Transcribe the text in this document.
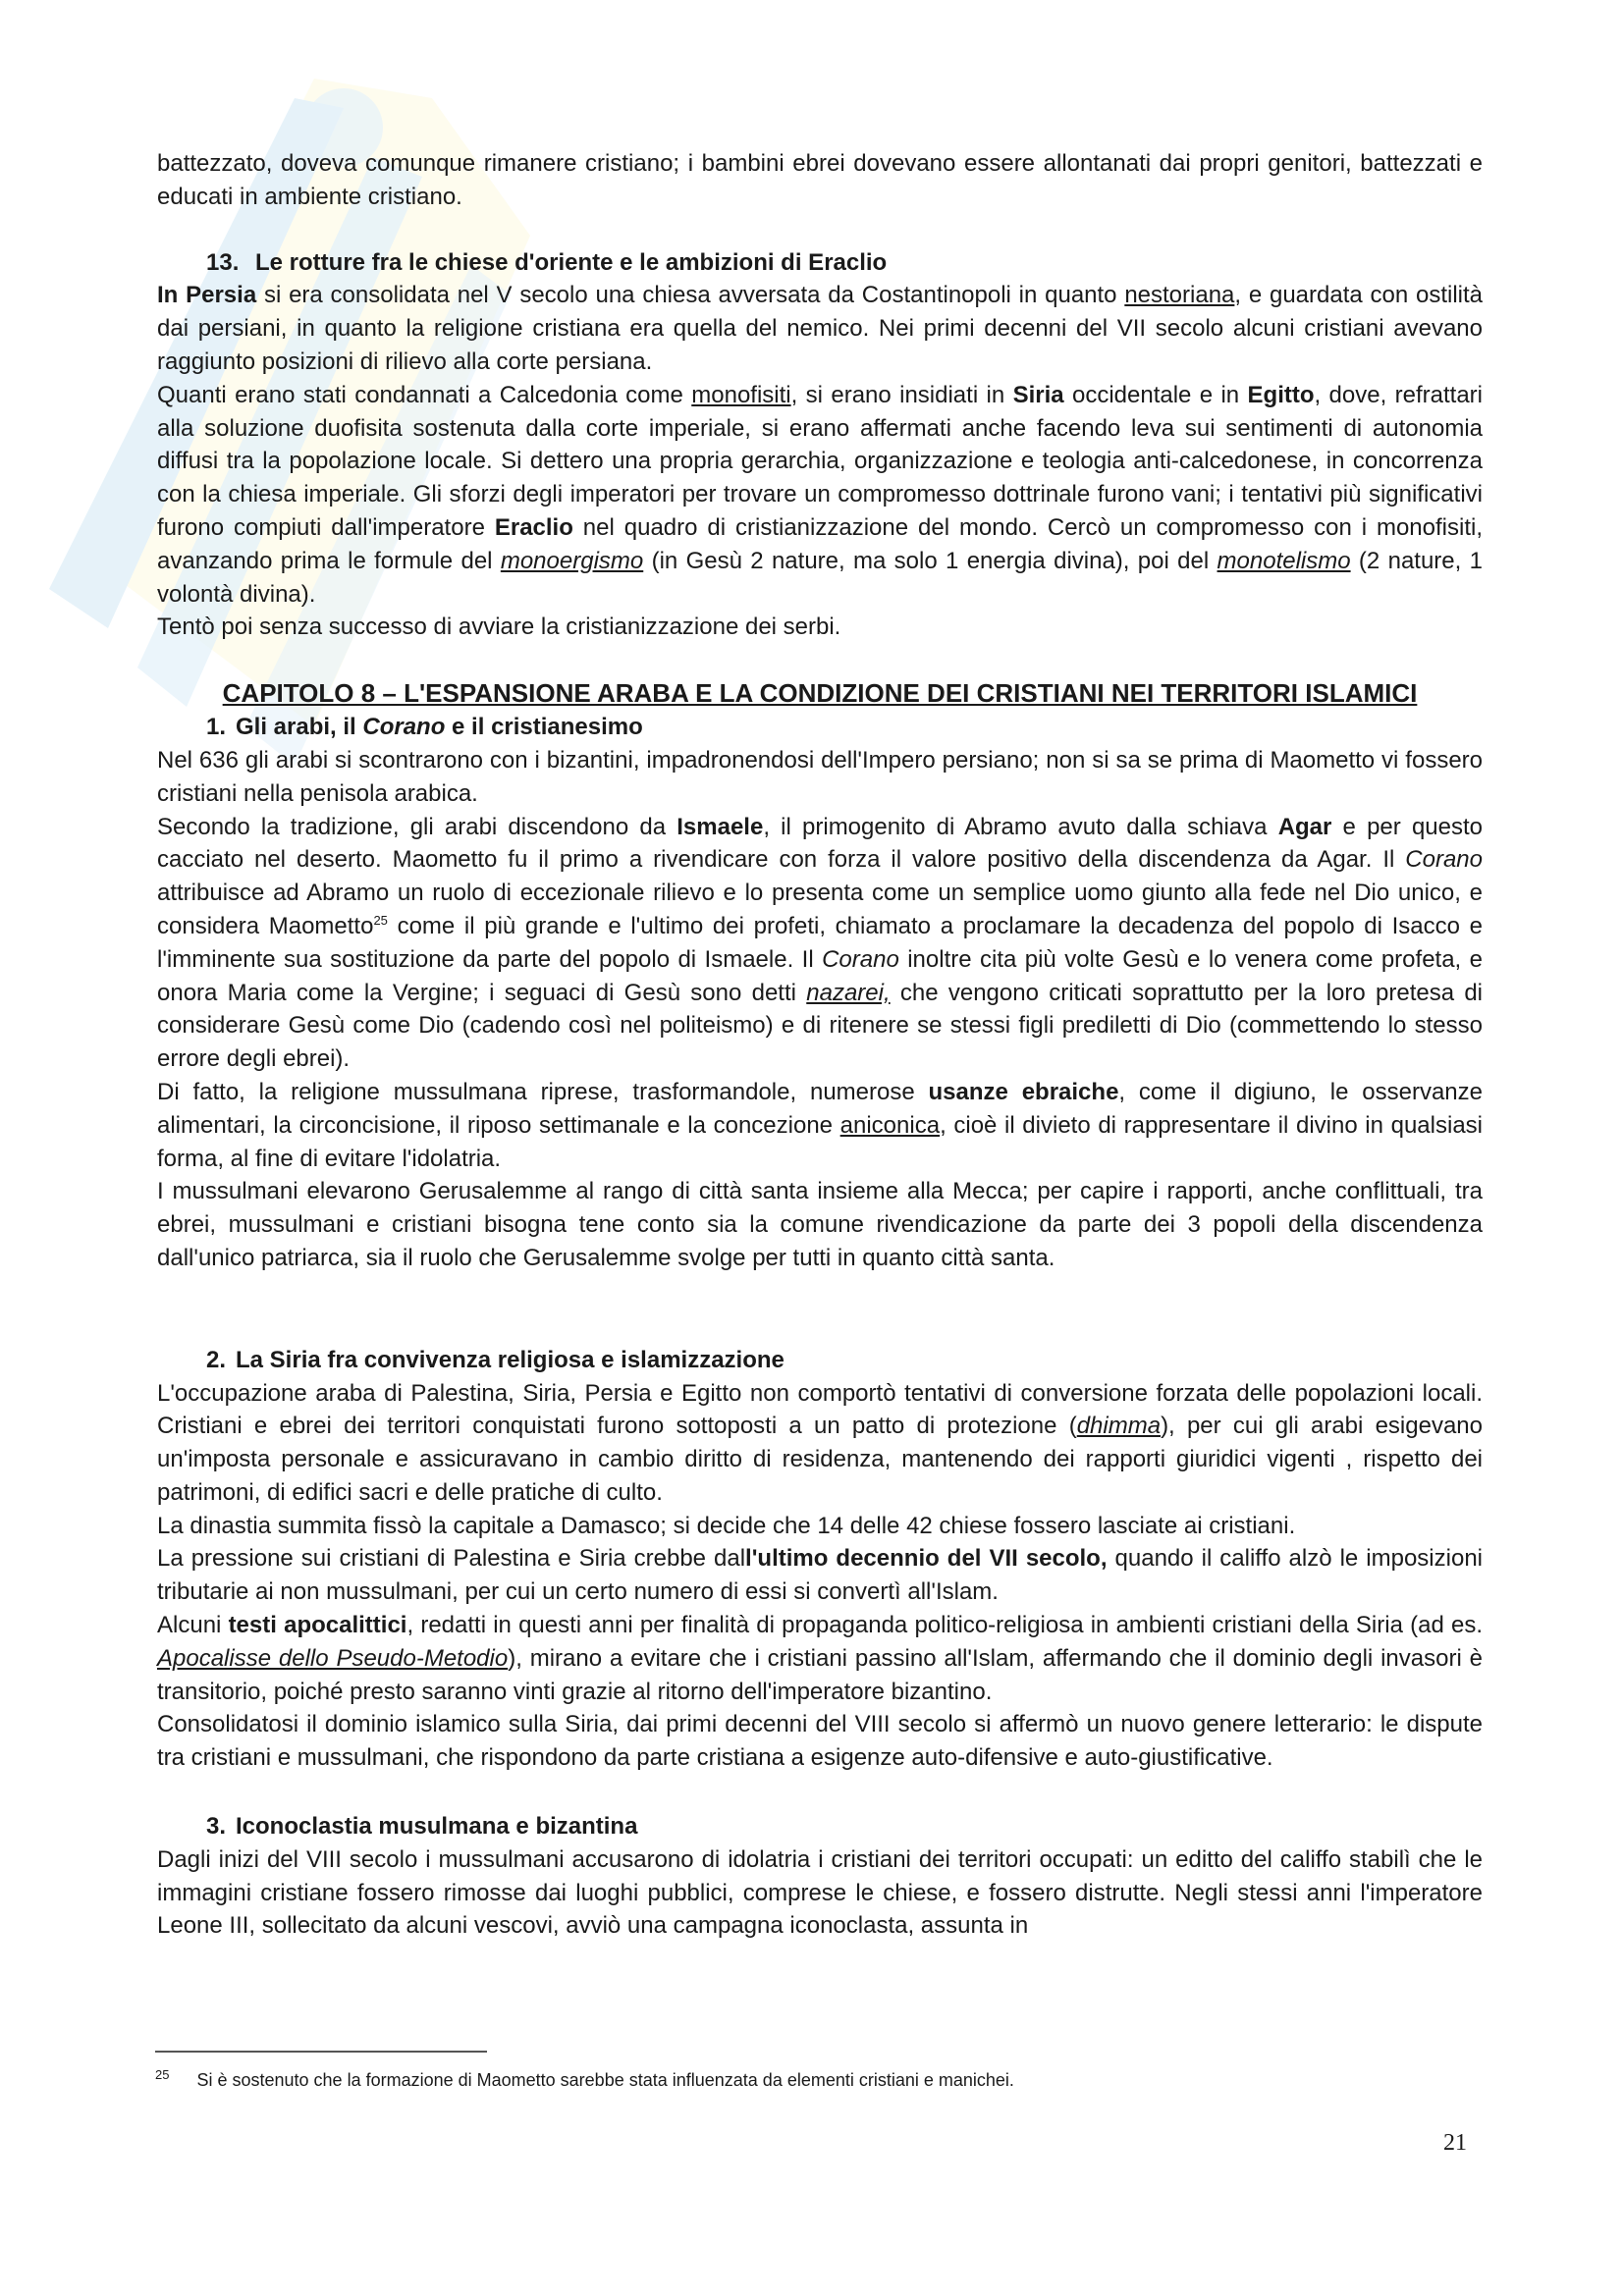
battezzato, doveva comunque rimanere cristiano; i bambini ebrei dovevano essere allontanati dai propri genitori, battezzati e educati in ambiente cristiano.

13. Le rotture fra le chiese d'oriente e le ambizioni di Eraclio

In Persia si era consolidata nel V secolo una chiesa avversata da Costantinopoli in quanto nestoriana, e guardata con ostilità dai persiani, in quanto la religione cristiana era quella del nemico. Nei primi decenni del VII secolo alcuni cristiani avevano raggiunto posizioni di rilievo alla corte persiana.

Quanti erano stati condannati a Calcedonia come monofisiti, si erano insidiati in Siria occidentale e in Egitto, dove, refrattari alla soluzione duofisita sostenuta dalla corte imperiale, si erano affermati anche facendo leva sui sentimenti di autonomia diffusi tra la popolazione locale. Si dettero una propria gerarchia, organizzazione e teologia anti-calcedonese, in concorrenza con la chiesa imperiale. Gli sforzi degli imperatori per trovare un compromesso dottrinale furono vani; i tentativi più significativi furono compiuti dall'imperatore Eraclio nel quadro di cristianizzazione del mondo. Cercò un compromesso con i monofisiti, avanzando prima le formule del monoergismo (in Gesù 2 nature, ma solo 1 energia divina), poi del monotelismo (2 nature, 1 volontà divina).

Tentò poi senza successo di avviare la cristianizzazione dei serbi.

CAPITOLO 8 – L'ESPANSIONE ARABA E LA CONDIZIONE DEI CRISTIANI NEI TERRITORI ISLAMICI
1. Gli arabi, il Corano e il cristianesimo

Nel 636 gli arabi si scontrarono con i bizantini, impadronendosi dell'Impero persiano; non si sa se prima di Maometto vi fossero cristiani nella penisola arabica.

Secondo la tradizione, gli arabi discendono da Ismaele, il primogenito di Abramo avuto dalla schiava Agar e per questo cacciato nel deserto. Maometto fu il primo a rivendicare con forza il valore positivo della discendenza da Agar. Il Corano attribuisce ad Abramo un ruolo di eccezionale rilievo e lo presenta come un semplice uomo giunto alla fede nel Dio unico, e considera Maometto$^{25}$ come il più grande e l'ultimo dei profeti, chiamato a proclamare la decadenza del popolo di Isacco e l'imminente sua sostituzione da parte del popolo di Ismaele. Il Corano inoltre cita più volte Gesù e lo venera come profeta, e onora Maria come la Vergine; i seguaci di Gesù sono detti nazarei, che vengono criticati soprattutto per la loro pretesa di considerare Gesù come Dio (cadendo così nel politeismo) e di ritenere se stessi figli prediletti di Dio (commettendo lo stesso errore degli ebrei).

Di fatto, la religione mussulmana riprese, trasformandole, numerose usanze ebraiche, come il digiuno, le osservanze alimentari, la circoncisione, il riposo settimanale e la concezione aniconica, cioè il divieto di rappresentare il divino in qualsiasi forma, al fine di evitare l'idolatria.

I mussulmani elevarono Gerusalemme al rango di città santa insieme alla Mecca; per capire i rapporti, anche conflittuali, tra ebrei, mussulmani e cristiani bisogna tene conto sia la comune rivendicazione da parte dei 3 popoli della discendenza dall'unico patriarca, sia il ruolo che Gerusalemme svolge per tutti in quanto città santa.

2. La Siria fra convivenza religiosa e islamizzazione

L'occupazione araba di Palestina, Siria, Persia e Egitto non comportò tentativi di conversione forzata delle popolazioni locali. Cristiani e ebrei dei territori conquistati furono sottoposti a un patto di protezione (dhimma), per cui gli arabi esigevano un'imposta personale e assicuravano in cambio diritto di residenza, mantenendo dei rapporti giuridici vigenti , rispetto dei patrimoni, di edifici sacri e delle pratiche di culto.

La dinastia summita fissò la capitale a Damasco; si decide che 14 delle 42 chiese fossero lasciate ai cristiani.

La pressione sui cristiani di Palestina e Siria crebbe dall'ultimo decennio del VII secolo, quando il califfo alzò le imposizioni tributarie ai non mussulmani, per cui un certo numero di essi si convertì all'Islam.

Alcuni testi apocalittici, redatti in questi anni per finalità di propaganda politico-religiosa in ambienti cristiani della Siria (ad es. Apocalisse dello Pseudo-Metodio), mirano a evitare che i cristiani passino all'Islam, affermando che il dominio degli invasori è transitorio, poiché presto saranno vinti grazie al ritorno dell'imperatore bizantino.

Consolidatosi il dominio islamico sulla Siria, dai primi decenni del VIII secolo si affermò un nuovo genere letterario: le dispute tra cristiani e mussulmani, che rispondono da parte cristiana a esigenze auto-difensive e auto-giustificative.

3. Iconoclastia musulmana e bizantina

Dagli inizi del VIII secolo i mussulmani accusarono di idolatria i cristiani dei territori occupati: un editto del califfo stabilì che le immagini cristiane fossero rimosse dai luoghi pubblici, comprese le chiese, e fossero distrutte. Negli stessi anni l'imperatore Leone III, sollecitato da alcuni vescovi, avviò una campagna iconoclasta, assunta in

$^{25}$ Si è sostenuto che la formazione di Maometto sarebbe stata influenzata da elementi cristiani e manichei.
21
